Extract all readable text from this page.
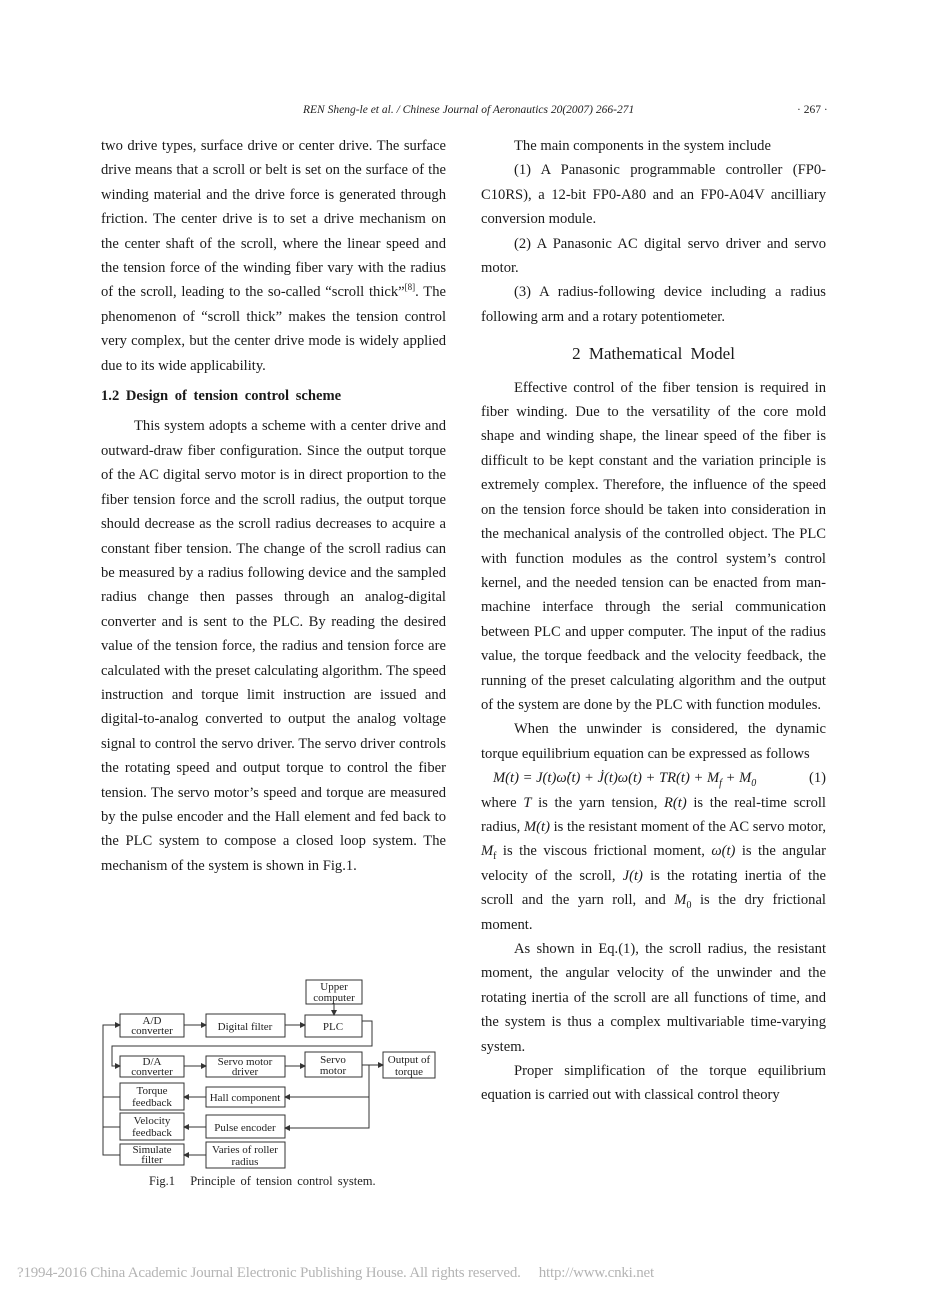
REN Sheng-le et al. / Chinese Journal of Aeronautics 20(2007) 266-271	· 267 ·

two drive types, surface drive or center drive. The surface drive means that a scroll or belt is set on the surface of the winding material and the drive force is generated through friction. The center drive is to set a drive mechanism on the center shaft of the scroll, where the linear speed and the tension force of the winding fiber vary with the radius of the scroll, leading to the so-called “scroll thick”[8]. The phenomenon of “scroll thick” makes the tension control very complex, but the center drive mode is widely applied due to its wide applicability.

1.2 Design of tension control scheme

This system adopts a scheme with a center drive and outward-draw fiber configuration. Since the output torque of the AC digital servo motor is in direct proportion to the fiber tension force and the scroll radius, the output torque should decrease as the scroll radius decreases to acquire a constant fiber tension. The change of the scroll radius can be measured by a radius following device and the sampled radius change then passes through an analog-digital converter and is sent to the PLC. By reading the desired value of the tension force, the radius and tension force are calculated with the preset calculating algorithm. The speed instruction and torque limit instruction are issued and digital-to-analog converted to output the analog voltage signal to control the servo driver. The servo driver controls the rotating speed and output torque to control the fiber tension. The servo motor’s speed and torque are measured by the pulse encoder and the Hall element and fed back to the PLC system to compose a closed loop system. The mechanism of the system is shown in Fig.1.

Upper
computer
A/D
converter	Digital filter	PLC
D/A
converter
Servo motor
driver
Servo
motor
Output of
torque
Torque
feedback	Hall component
Velocity
feedback	Pulse encoder
Simulate
filter
Varies of roller
radius
Fig.1 Principle of tension control system.

The main components in the system include

(1) A Panasonic programmable controller (FP0-C10RS), a 12-bit FP0-A80 and an FP0-A04V ancilliary conversion module.

(2) A Panasonic AC digital servo driver and servo motor.

(3) A radius-following device including a radius following arm and a rotary potentiometer.

2 Mathematical Model

Effective control of the fiber tension is required in fiber winding. Due to the versatility of the core mold shape and winding shape, the linear speed of the fiber is difficult to be kept constant and the variation principle is extremely complex. Therefore, the influence of the speed on the tension force should be taken into consideration in the mechanical analysis of the controlled object. The PLC with function modules as the control system’s control kernel, and the needed tension can be enacted from man-machine interface through the serial communication between PLC and upper computer. The input of the radius value, the torque feedback and the velocity feedback, the running of the preset calculating algorithm and the output of the system are done by the PLC with function modules.

When the unwinder is considered, the dynamic torque equilibrium equation can be expressed as follows

M(t) = J(t)ω̇(t) + J̇(t)ω(t) + $TR(t) + M_f + M_0$	(1)

where T is the yarn tension, R(t) is the real-time scroll radius, M(t) is the resistant moment of the AC servo motor, $M_f$ is the viscous frictional moment, ω(t) is the angular velocity of the scroll, J(t) is the rotating inertia of the scroll and the yarn roll, and $M_0$ is the dry frictional moment.

As shown in Eq.(1), the scroll radius, the resistant moment, the angular velocity of the unwinder and the rotating inertia of the scroll are all functions of time, and the system is thus a complex multivariable time-varying system.

Proper simplification of the torque equilibrium equation is carried out with classical control theory

?1994-2016 China Academic Journal Electronic Publishing House. All rights reserved. http://www.cnki.net
